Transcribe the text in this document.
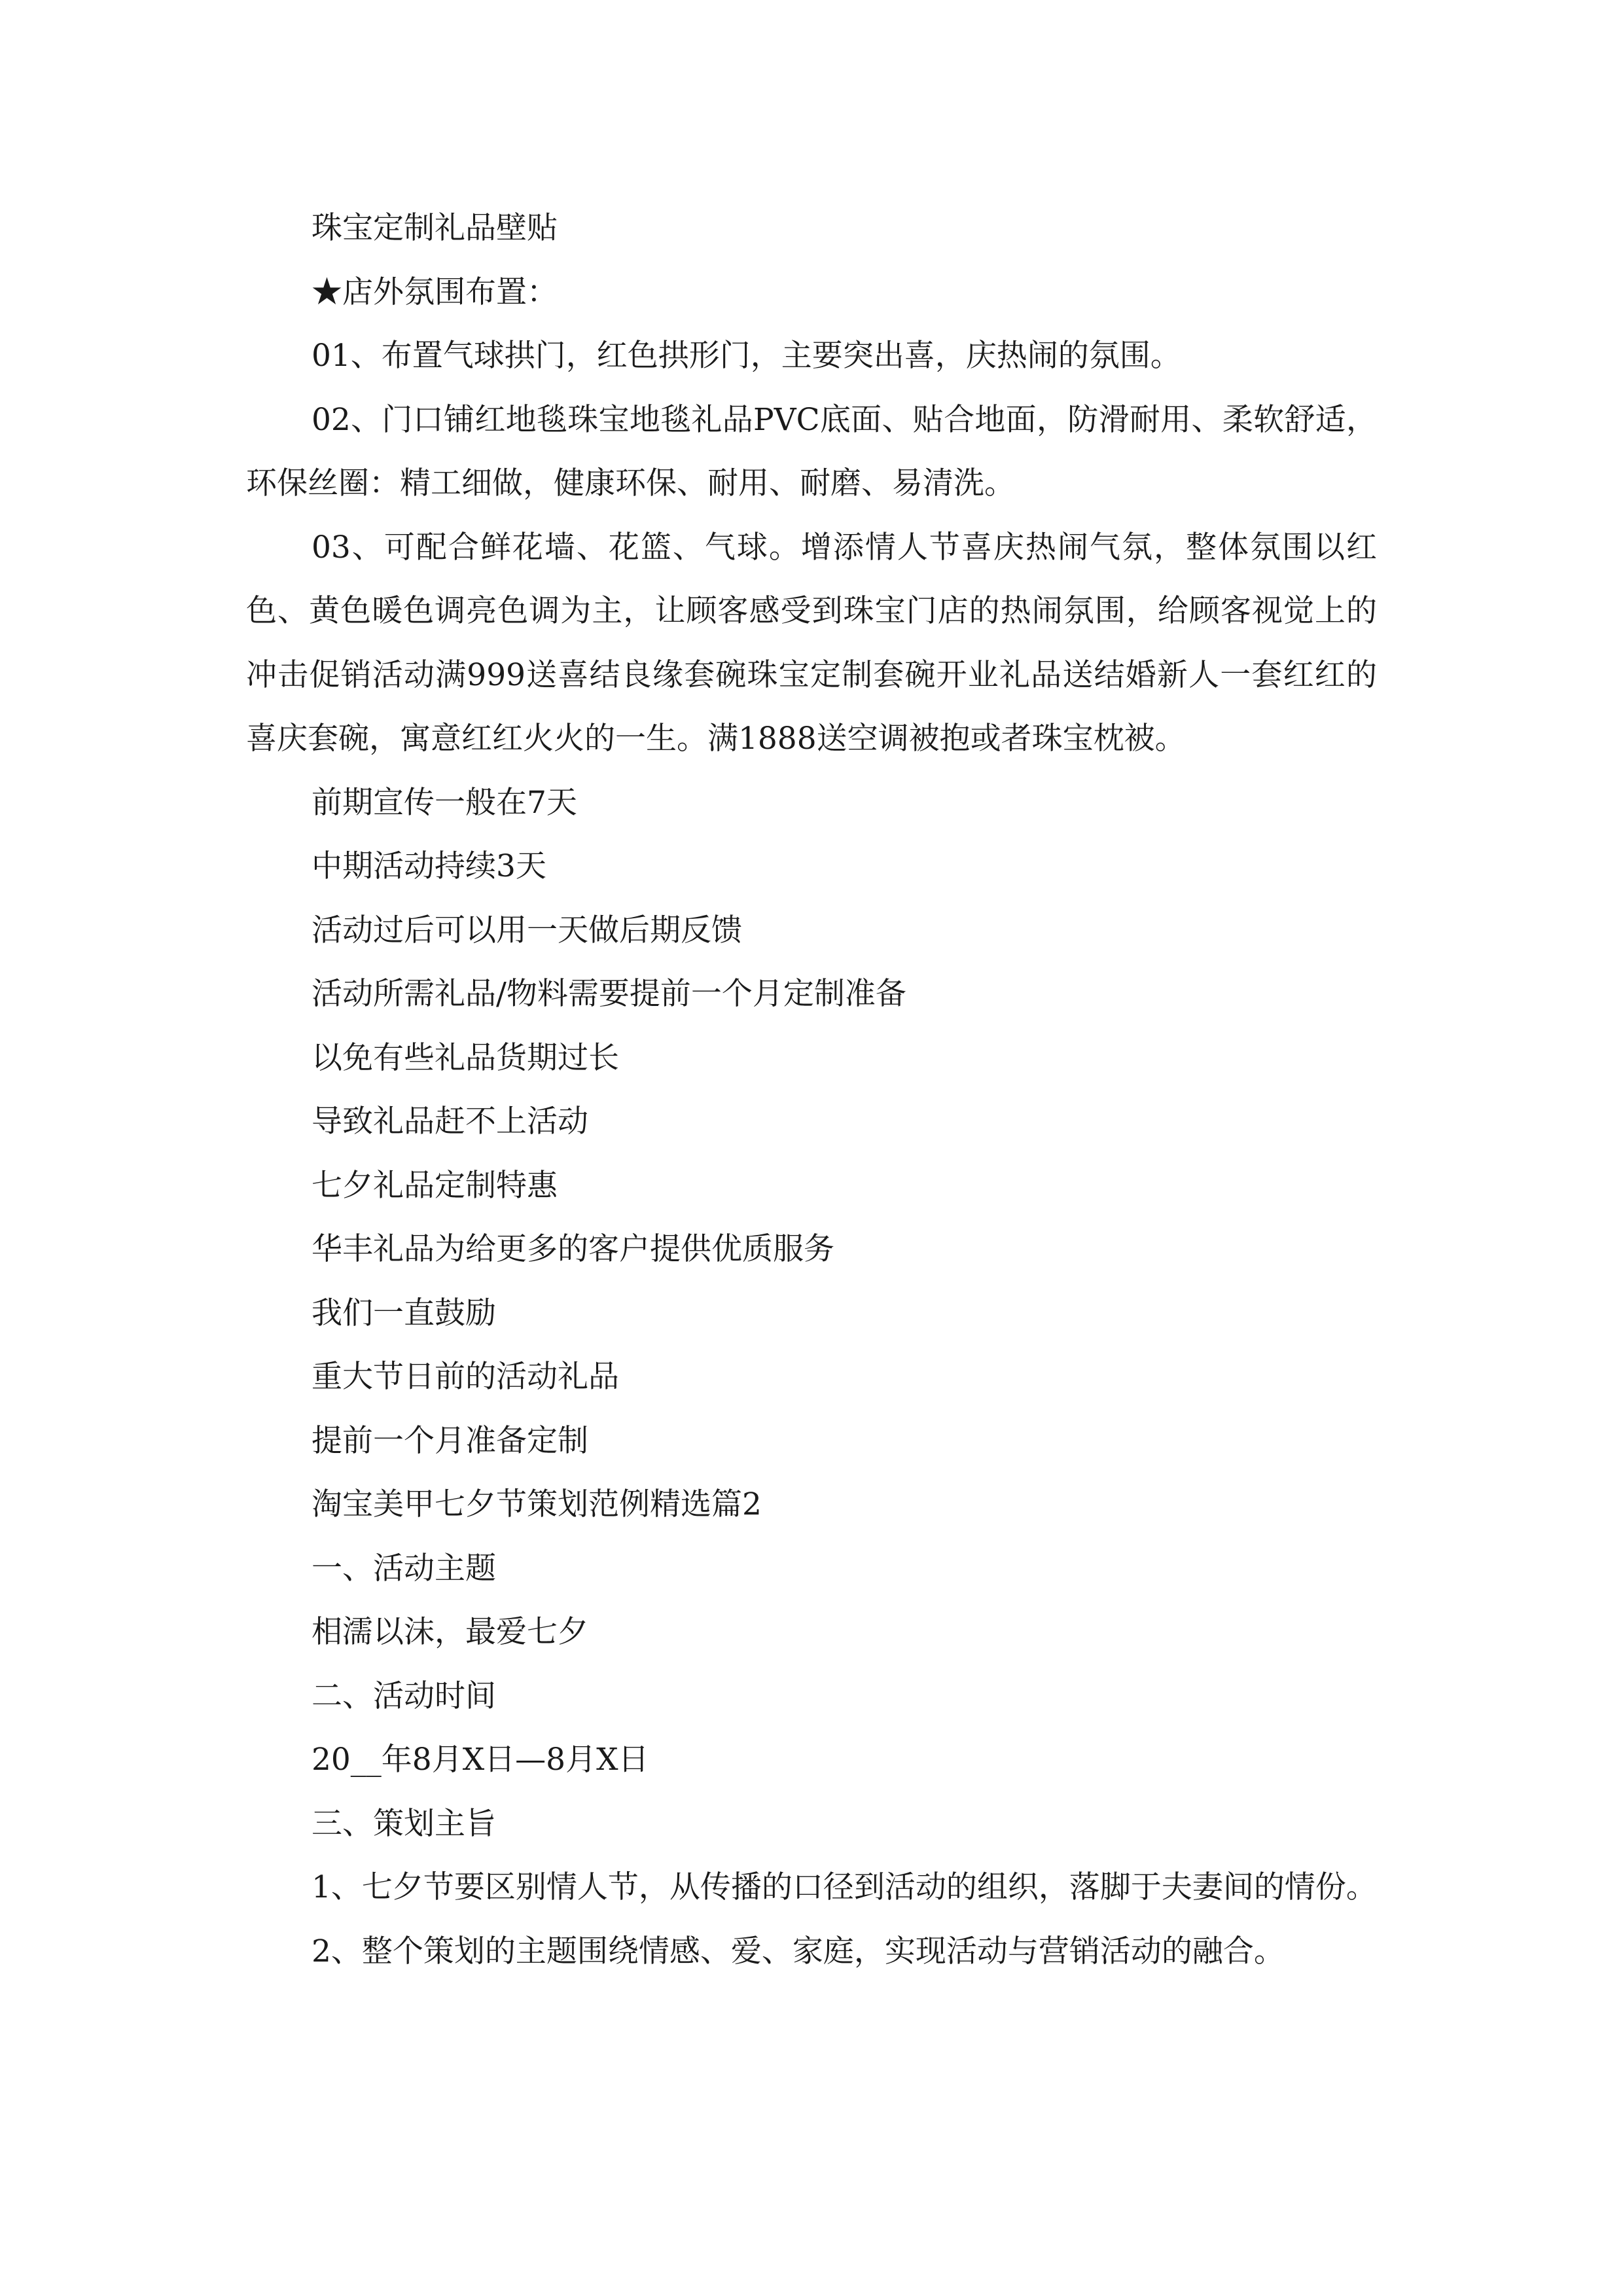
珠宝定制礼品壁贴

★店外氛围布置：

01、布置气球拱门，红色拱形门，主要突出喜，庆热闹的氛围。

02、门口铺红地毯珠宝地毯礼品PVC底面、贴合地面，防滑耐用、柔软舒适，环保丝圈：精工细做，健康环保、耐用、耐磨、易清洗。

03、可配合鲜花墙、花篮、气球。增添情人节喜庆热闹气氛，整体氛围以红色、黄色暖色调亮色调为主，让顾客感受到珠宝门店的热闹氛围，给顾客视觉上的冲击促销活动满999送喜结良缘套碗珠宝定制套碗开业礼品送结婚新人一套红红的喜庆套碗，寓意红红火火的一生。满1888送空调被抱或者珠宝枕被。

前期宣传一般在7天

中期活动持续3天

活动过后可以用一天做后期反馈

活动所需礼品/物料需要提前一个月定制准备

以免有些礼品货期过长

导致礼品赶不上活动

七夕礼品定制特惠

华丰礼品为给更多的客户提供优质服务

我们一直鼓励

重大节日前的活动礼品

提前一个月准备定制

淘宝美甲七夕节策划范例精选篇2

一、活动主题

相濡以沫，最爱七夕

二、活动时间

20__年8月X日—8月X日

三、策划主旨

1、七夕节要区别情人节，从传播的口径到活动的组织，落脚于夫妻间的情份。

2、整个策划的主题围绕情感、爱、家庭，实现活动与营销活动的融合。
